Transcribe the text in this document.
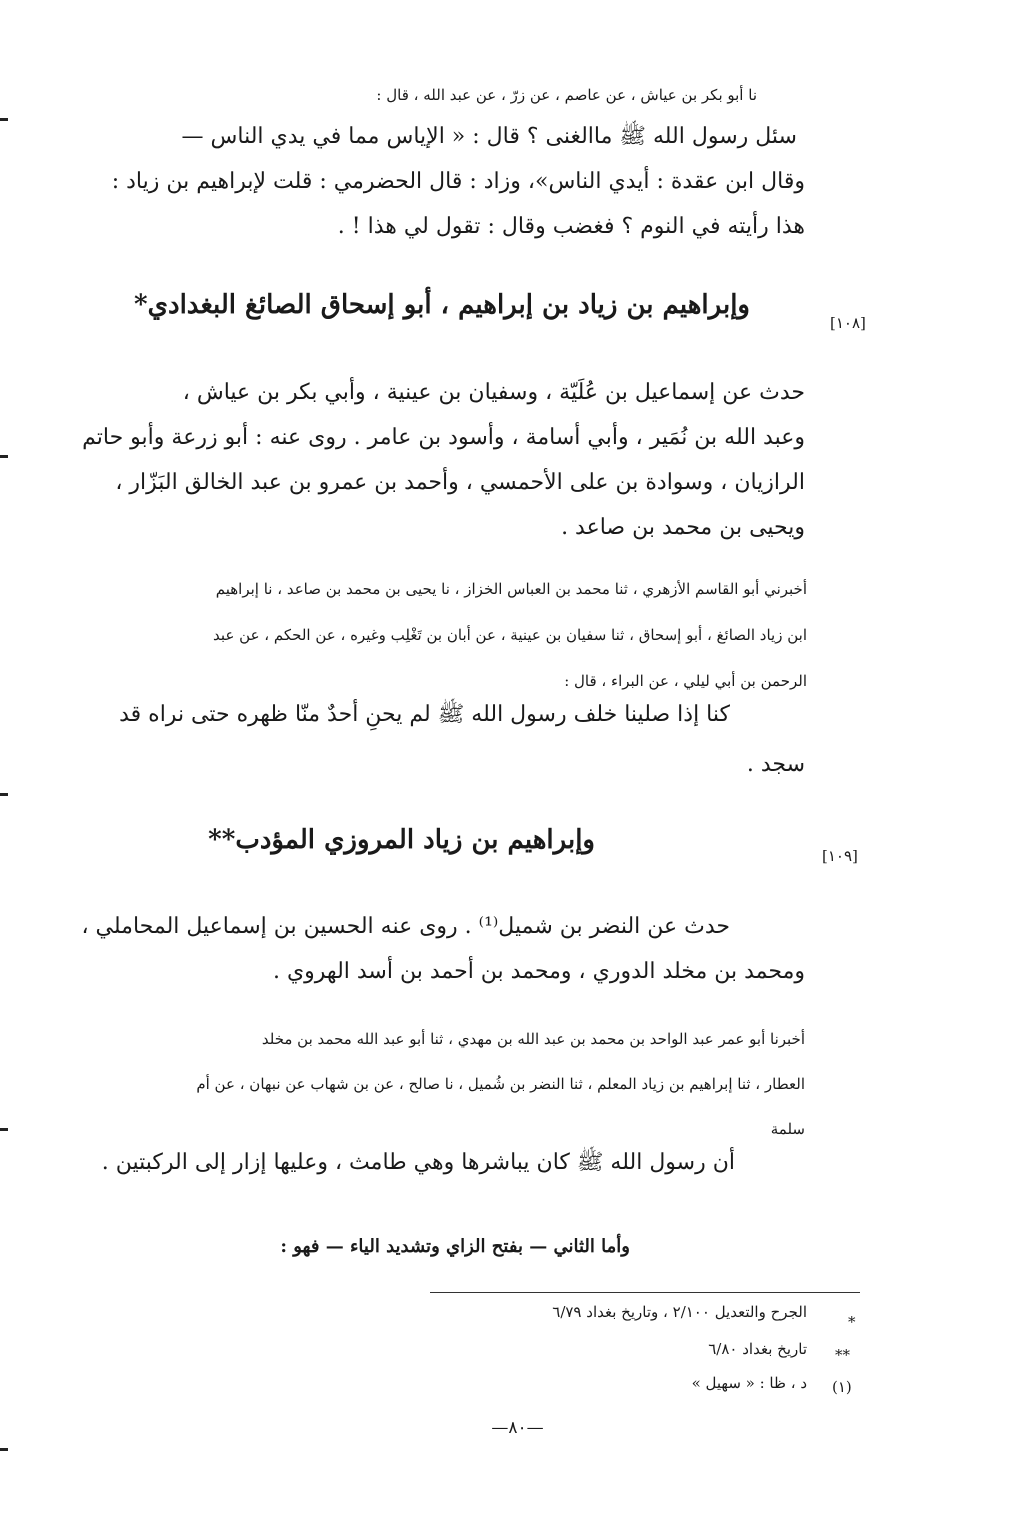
نا أبو بكر بن عياش ، عن عاصم ، عن زرّ ، عن عبد الله ، قال :
سئل رسول الله ﷺ ماالغنى ؟ قال : « الإياس مما في يدي الناس —
وقال ابن عقدة : أيدي الناس»، وزاد : قال الحضرمي : قلت لإبراهيم بن زياد :
هذا رأيته في النوم ؟ فغضب وقال : تقول لي هذا ! .
وإبراهيم بن زياد بن إبراهيم ، أبو إسحاق الصائغ البغدادي*
[١٠٨]
حدث عن إسماعيل بن عُلَيّة ، وسفيان بن عينية ، وأبي بكر بن عياش ،
وعبد الله بن نُمَير ، وأبي أسامة ، وأسود بن عامر . روى عنه : أبو زرعة وأبو حاتم
الرازيان ، وسوادة بن على الأحمسي ، وأحمد بن عمرو بن عبد الخالق البَزّار ،
ويحيى بن محمد بن صاعد .
أخبرني أبو القاسم الأزهري ، ثنا محمد بن العباس الخزاز ، نا يحيى بن محمد بن صاعد ، نا إبراهيم
ابن زياد الصائغ ، أبو إسحاق ، ثنا سفيان بن عينية ، عن أبان بن تَغْلِب وغيره ، عن الحكم ، عن عبد
الرحمن بن أبي ليلي ، عن البراء ، قال :
كنا إذا صلينا خلف رسول الله ﷺ لم يحنِ أحدٌ منّا ظهره حتى نراه قد
سجد .
وإبراهيم بن زياد المروزي المؤدب**
[١٠٩]
حدث عن النضر بن شميل⁽¹⁾ . روى عنه الحسين بن إسماعيل المحاملي ،
ومحمد بن مخلد الدوري ، ومحمد بن أحمد بن أسد الهروي .
أخبرنا أبو عمر عبد الواحد بن محمد بن عبد الله بن مهدي ، ثنا أبو عبد الله محمد بن مخلد
العطار ، ثنا إبراهيم بن زياد المعلم ، ثنا النضر بن شُميل ، نا صالح ، عن بن شهاب عن نبهان ، عن أم
سلمة
أن رسول الله ﷺ كان يباشرها وهي طامث ، وعليها إزار إلى الركبتين .
وأما الثاني — بفتح الزاي وتشديد الياء — فهو :
*
الجرح والتعديل ٢/١٠٠ ، وتاريخ بغداد ٦/٧٩
**
تاريخ بغداد ٦/٨٠
(١)
د ، ظا : « سهيل »
—٨٠—
